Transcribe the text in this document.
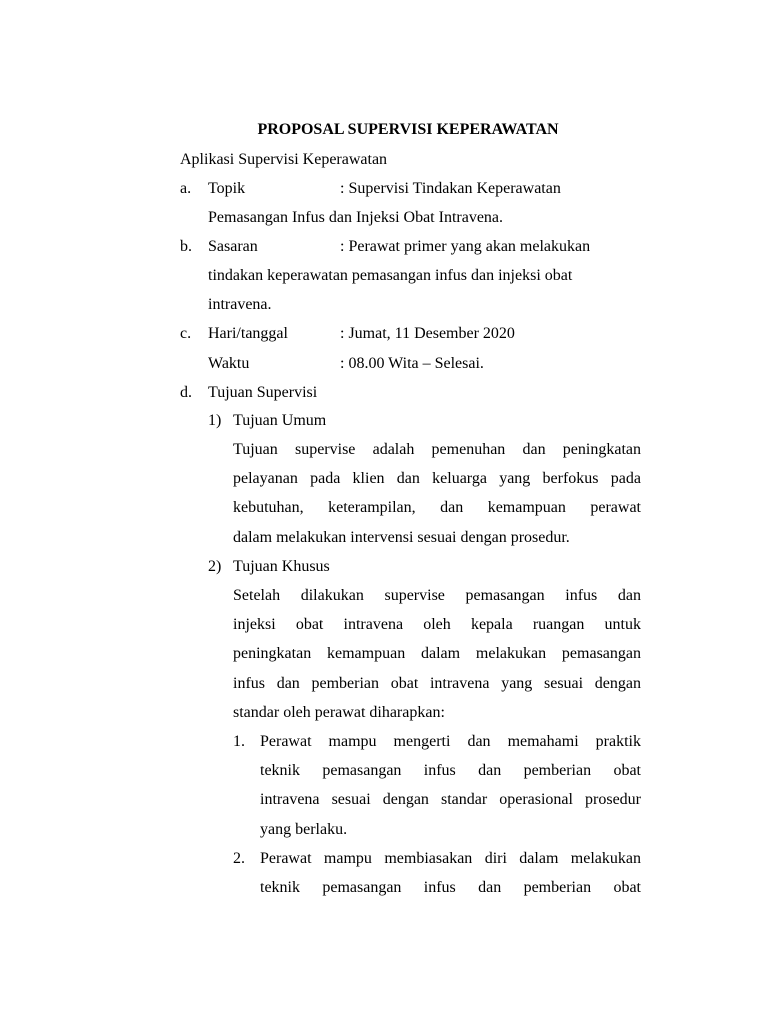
PROPOSAL SUPERVISI KEPERAWATAN
Aplikasi Supervisi Keperawatan
a. Topik	: Supervisi Tindakan Keperawatan
Pemasangan Infus dan Injeksi Obat Intravena.
b. Sasaran	: Perawat primer yang akan melakukan
tindakan keperawatan pemasangan infus dan injeksi obat
intravena.
c. Hari/tanggal	: Jumat, 11 Desember 2020
Waktu	: 08.00 Wita – Selesai.
d. Tujuan Supervisi
1) Tujuan Umum
Tujuan supervise adalah pemenuhan dan peningkatan
pelayanan pada klien dan keluarga yang berfokus pada
kebutuhan, keterampilan, dan kemampuan perawat
dalam melakukan intervensi sesuai dengan prosedur.
2) Tujuan Khusus
Setelah dilakukan supervise pemasangan infus dan
injeksi obat intravena oleh kepala ruangan untuk
peningkatan kemampuan dalam melakukan pemasangan
infus dan pemberian obat intravena yang sesuai dengan
standar oleh perawat diharapkan:
1. Perawat mampu mengerti dan memahami praktik
teknik pemasangan infus dan pemberian obat
intravena sesuai dengan standar operasional prosedur
yang berlaku.
2. Perawat mampu membiasakan diri dalam melakukan
teknik pemasangan infus dan pemberian obat
